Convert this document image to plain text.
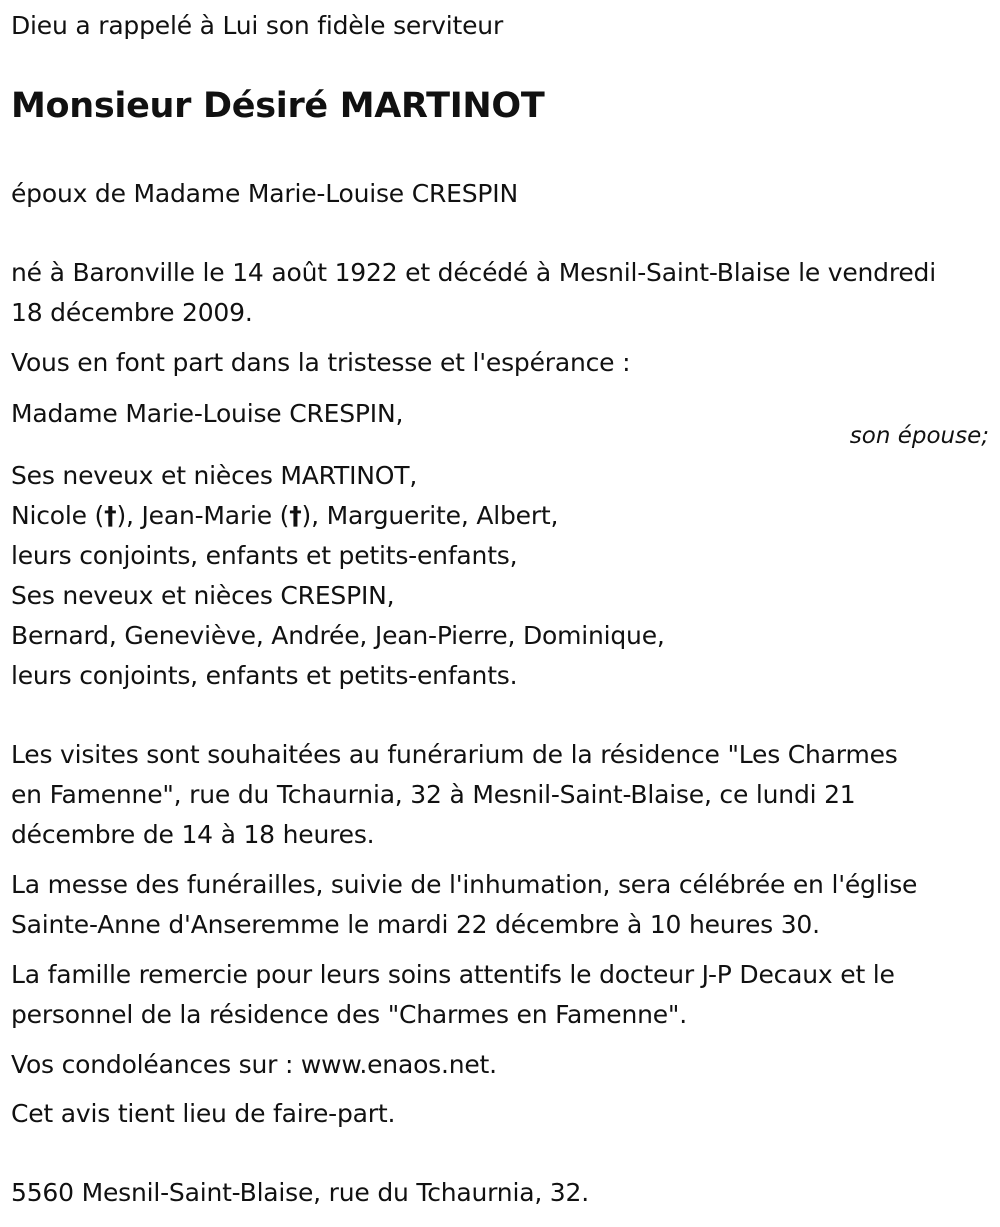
Dieu a rappelé à Lui son fidèle serviteur
Monsieur Désiré MARTINOT
époux de Madame Marie-Louise CRESPIN
né à Baronville le 14 août 1922 et décédé à Mesnil-Saint-Blaise le vendredi
18 décembre 2009.
Vous en font part dans la tristesse et l'espérance :
Madame Marie-Louise CRESPIN,
son épouse;
Ses neveux et nièces MARTINOT,
Nicole (†), Jean-Marie (†), Marguerite, Albert,
leurs conjoints, enfants et petits-enfants,
Ses neveux et nièces CRESPIN,
Bernard, Geneviève, Andrée, Jean-Pierre, Dominique,
leurs conjoints, enfants et petits-enfants.
Les visites sont souhaitées au funérarium de la résidence "Les Charmes
en Famenne", rue du Tchaurnia, 32 à Mesnil-Saint-Blaise, ce lundi 21
décembre de 14 à 18 heures.
La messe des funérailles, suivie de l'inhumation, sera célébrée en l'église
Sainte-Anne d'Anseremme le mardi 22 décembre à 10 heures 30.
La famille remercie pour leurs soins attentifs le docteur J-P Decaux et le
personnel de la résidence des "Charmes en Famenne".
Vos condoléances sur : www.enaos.net.
Cet avis tient lieu de faire-part.
5560 Mesnil-Saint-Blaise, rue du Tchaurnia, 32.
